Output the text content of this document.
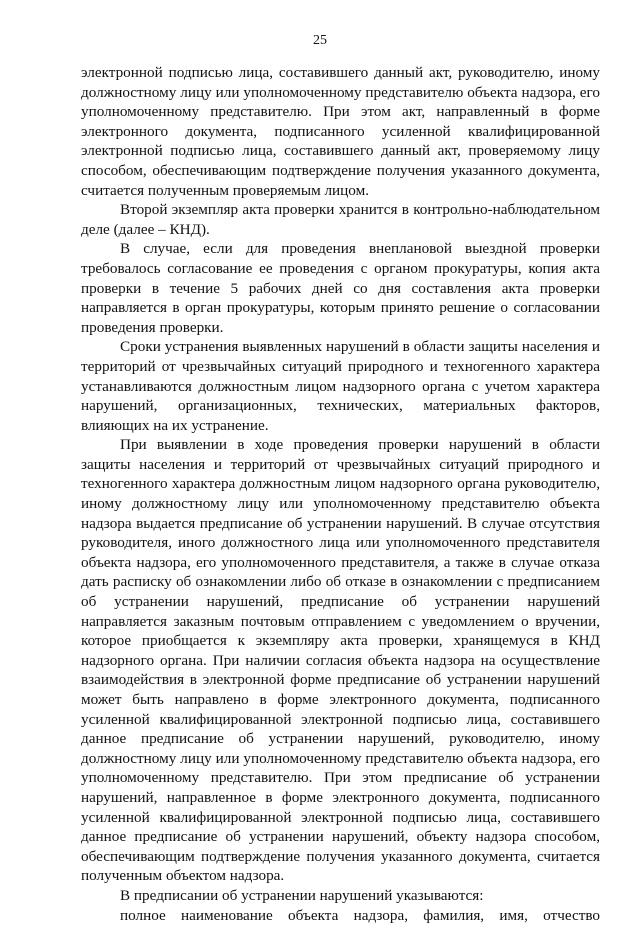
25

электронной подписью лица, составившего данный акт, руководителю, иному должностному лицу или уполномоченному представителю объекта надзора, его уполномоченному представителю. При этом акт, направленный в форме электронного документа, подписанного усиленной квалифицированной электронной подписью лица, составившего данный акт, проверяемому лицу способом, обеспечивающим подтверждение получения указанного документа, считается полученным проверяемым лицом.

Второй экземпляр акта проверки хранится в контрольно-наблюдательном деле (далее – КНД).

В случае, если для проведения внеплановой выездной проверки требовалось согласование ее проведения с органом прокуратуры, копия акта проверки в течение 5 рабочих дней со дня составления акта проверки направляется в орган прокуратуры, которым принято решение о согласовании проведения проверки.

Сроки устранения выявленных нарушений в области защиты населения и территорий от чрезвычайных ситуаций природного и техногенного характера устанавливаются должностным лицом надзорного органа с учетом характера нарушений, организационных, технических, материальных факторов, влияющих на их устранение.

При выявлении в ходе проведения проверки нарушений в области защиты населения и территорий от чрезвычайных ситуаций природного и техногенного характера должностным лицом надзорного органа руководителю, иному должностному лицу или уполномоченному представителю объекта надзора выдается предписание об устранении нарушений. В случае отсутствия руководителя, иного должностного лица или уполномоченного представителя объекта надзора, его уполномоченного представителя, а также в случае отказа дать расписку об ознакомлении либо об отказе в ознакомлении с предписанием об устранении нарушений, предписание об устранении нарушений направляется заказным почтовым отправлением с уведомлением о вручении, которое приобщается к экземпляру акта проверки, хранящемуся в КНД надзорного органа. При наличии согласия объекта надзора на осуществление взаимодействия в электронной форме предписание об устранении нарушений может быть направлено в форме электронного документа, подписанного усиленной квалифицированной электронной подписью лица, составившего данное предписание об устранении нарушений, руководителю, иному должностному лицу или уполномоченному представителю объекта надзора, его уполномоченному представителю. При этом предписание об устранении нарушений, направленное в форме электронного документа, подписанного усиленной квалифицированной электронной подписью лица, составившего данное предписание об устранении нарушений, объекту надзора способом, обеспечивающим подтверждение получения указанного документа, считается полученным объектом надзора.

В предписании об устранении нарушений указываются:

полное наименование объекта надзора, фамилия, имя, отчество
